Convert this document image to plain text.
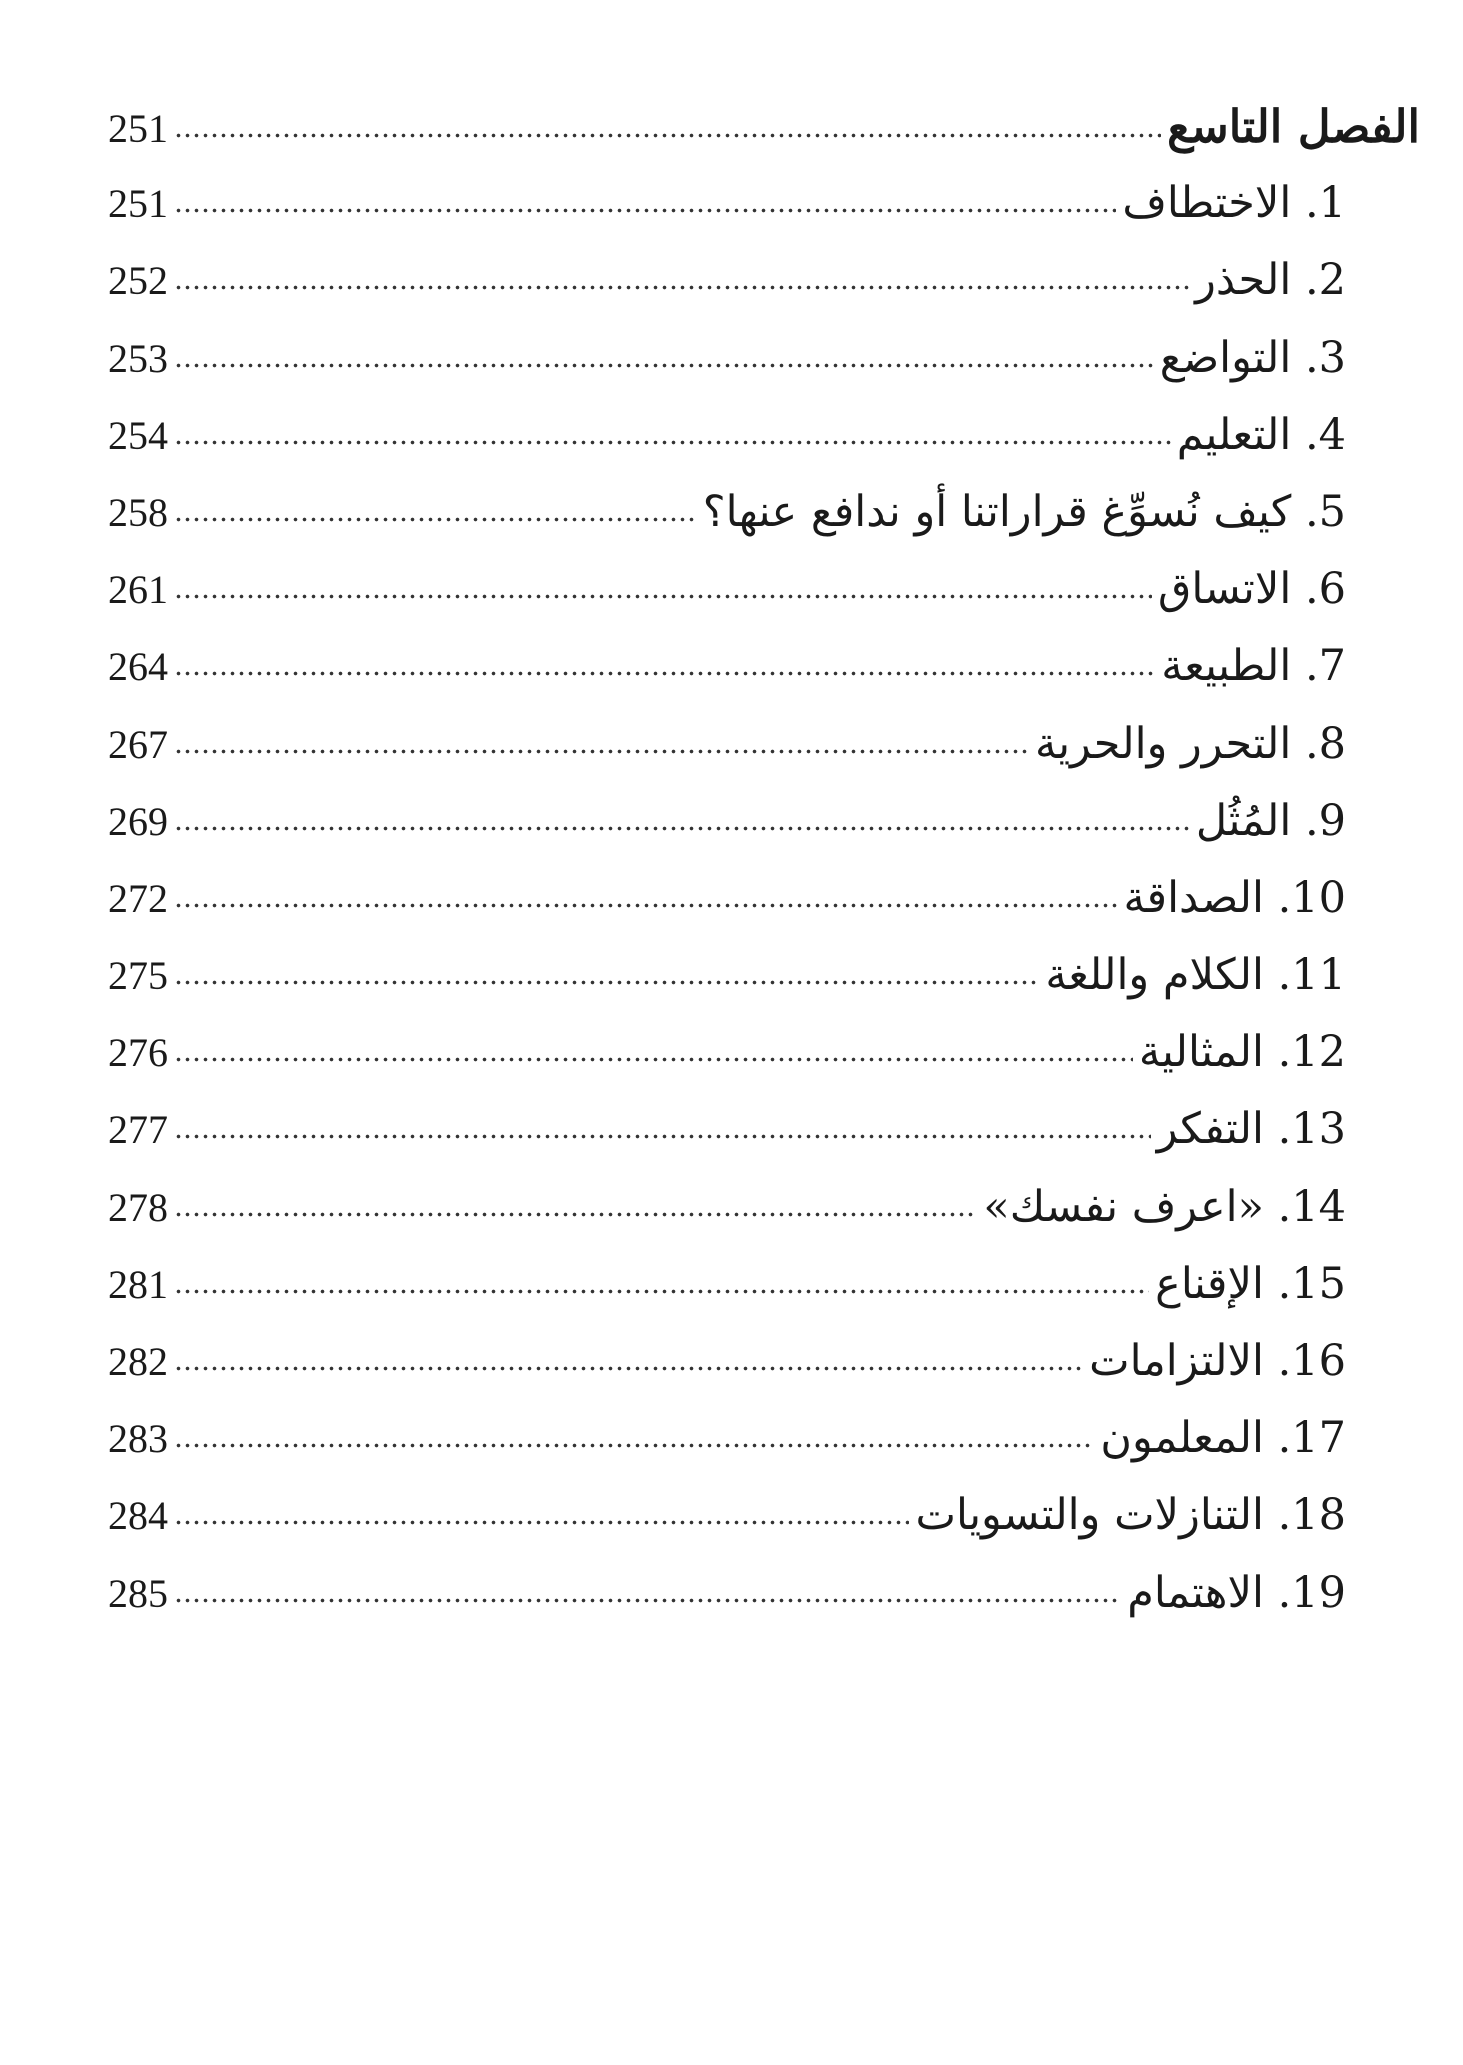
الفصل التاسع
251
1. الاختطاف
251
2. الحذر
252
3. التواضع
253
4. التعليم
254
5. كيف نُسوِّغ قراراتنا أو ندافع عنها؟
258
6. الاتساق
261
7. الطبيعة
264
8. التحرر والحرية
267
9. المُثُل
269
10. الصداقة
272
11. الكلام واللغة
275
12. المثالية
276
13. التفكر
277
14. «اعرف نفسك»
278
15. الإقناع
281
16. الالتزامات
282
17. المعلمون
283
18. التنازلات والتسويات
284
19. الاهتمام
285
